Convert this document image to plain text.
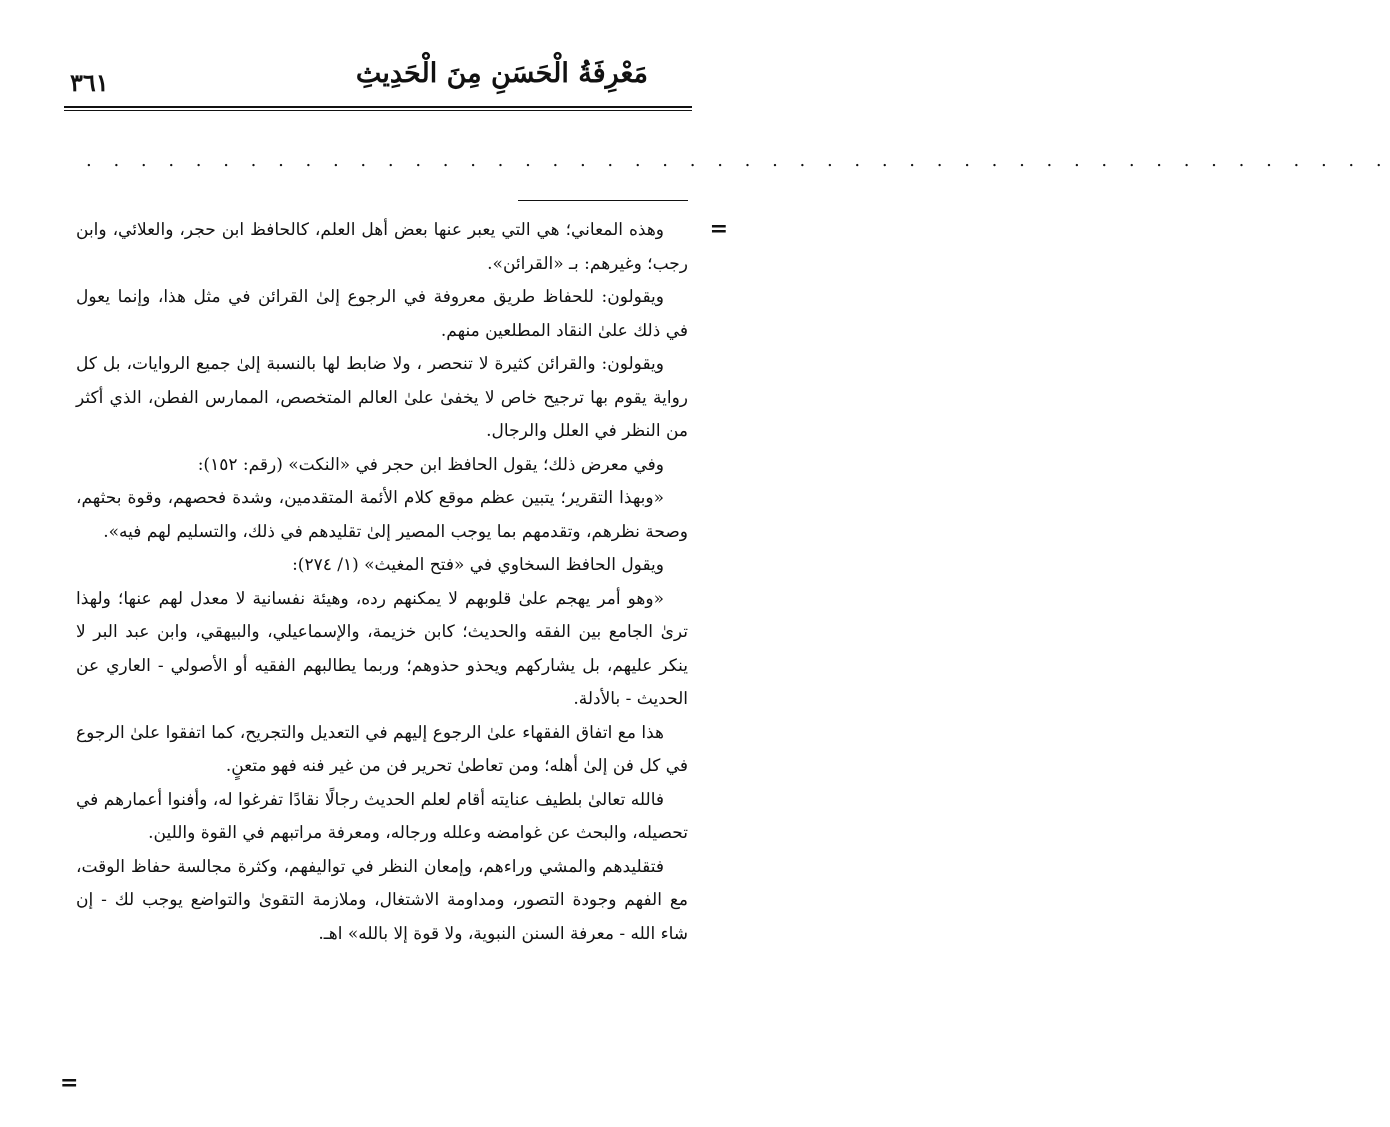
مَعْرِفَةُ الْحَسَنِ مِنَ الْحَدِيثِ
٣٦١
. . . . . . . . . . . . . . . . . . . . . . . . . . . . . . . . . . . . . . . . . . . . . . . .
=

وهذه المعاني؛ هي التي يعبر عنها بعض أهل العلم، كالحافظ ابن حجر، والعلائي، وابن رجب؛ وغيرهم: بـ «القرائن».

ويقولون: للحفاظ طريق معروفة في الرجوع إلىٰ القرائن في مثل هذا، وإنما يعول في ذلك علىٰ النقاد المطلعين منهم.

ويقولون: والقرائن كثيرة لا تنحصر ، ولا ضابط لها بالنسبة إلىٰ جميع الروايات، بل كل رواية يقوم بها ترجيح خاص لا يخفىٰ علىٰ العالم المتخصص، الممارس الفطن، الذي أكثر من النظر في العلل والرجال.

وفي معرض ذلك؛ يقول الحافظ ابن حجر في «النكت» (رقم: ١٥٢):

«وبهذا التقرير؛ يتبين عظم موقع كلام الأئمة المتقدمين، وشدة فحصهم، وقوة بحثهم، وصحة نظرهم، وتقدمهم بما يوجب المصير إلىٰ تقليدهم في ذلك، والتسليم لهم فيه».

ويقول الحافظ السخاوي في «فتح المغيث» (١/ ٢٧٤):

«وهو أمر يهجم علىٰ قلوبهم لا يمكنهم رده، وهيئة نفسانية لا معدل لهم عنها؛ ولهذا ترىٰ الجامع بين الفقه والحديث؛ كابن خزيمة، والإسماعيلي، والبيهقي، وابن عبد البر لا ينكر عليهم، بل يشاركهم ويحذو حذوهم؛ وربما يطالبهم الفقيه أو الأصولي - العاري عن الحديث - بالأدلة.

هذا مع اتفاق الفقهاء علىٰ الرجوع إليهم في التعديل والتجريح، كما اتفقوا علىٰ الرجوع في كل فن إلىٰ أهله؛ ومن تعاطىٰ تحرير فن من غير فنه فهو متعنٍ.

فالله تعالىٰ بلطيف عنايته أقام لعلم الحديث رجالًا نقادًا تفرغوا له، وأفنوا أعمارهم في تحصيله، والبحث عن غوامضه وعلله ورجاله، ومعرفة مراتبهم في القوة واللين.

فتقليدهم والمشي وراءهم، وإمعان النظر في تواليفهم، وكثرة مجالسة حفاظ الوقت، مع الفهم وجودة التصور، ومداومة الاشتغال، وملازمة التقوىٰ والتواضع يوجب لك - إن شاء الله - معرفة السنن النبوية، ولا قوة إلا بالله» اهـ.

=
